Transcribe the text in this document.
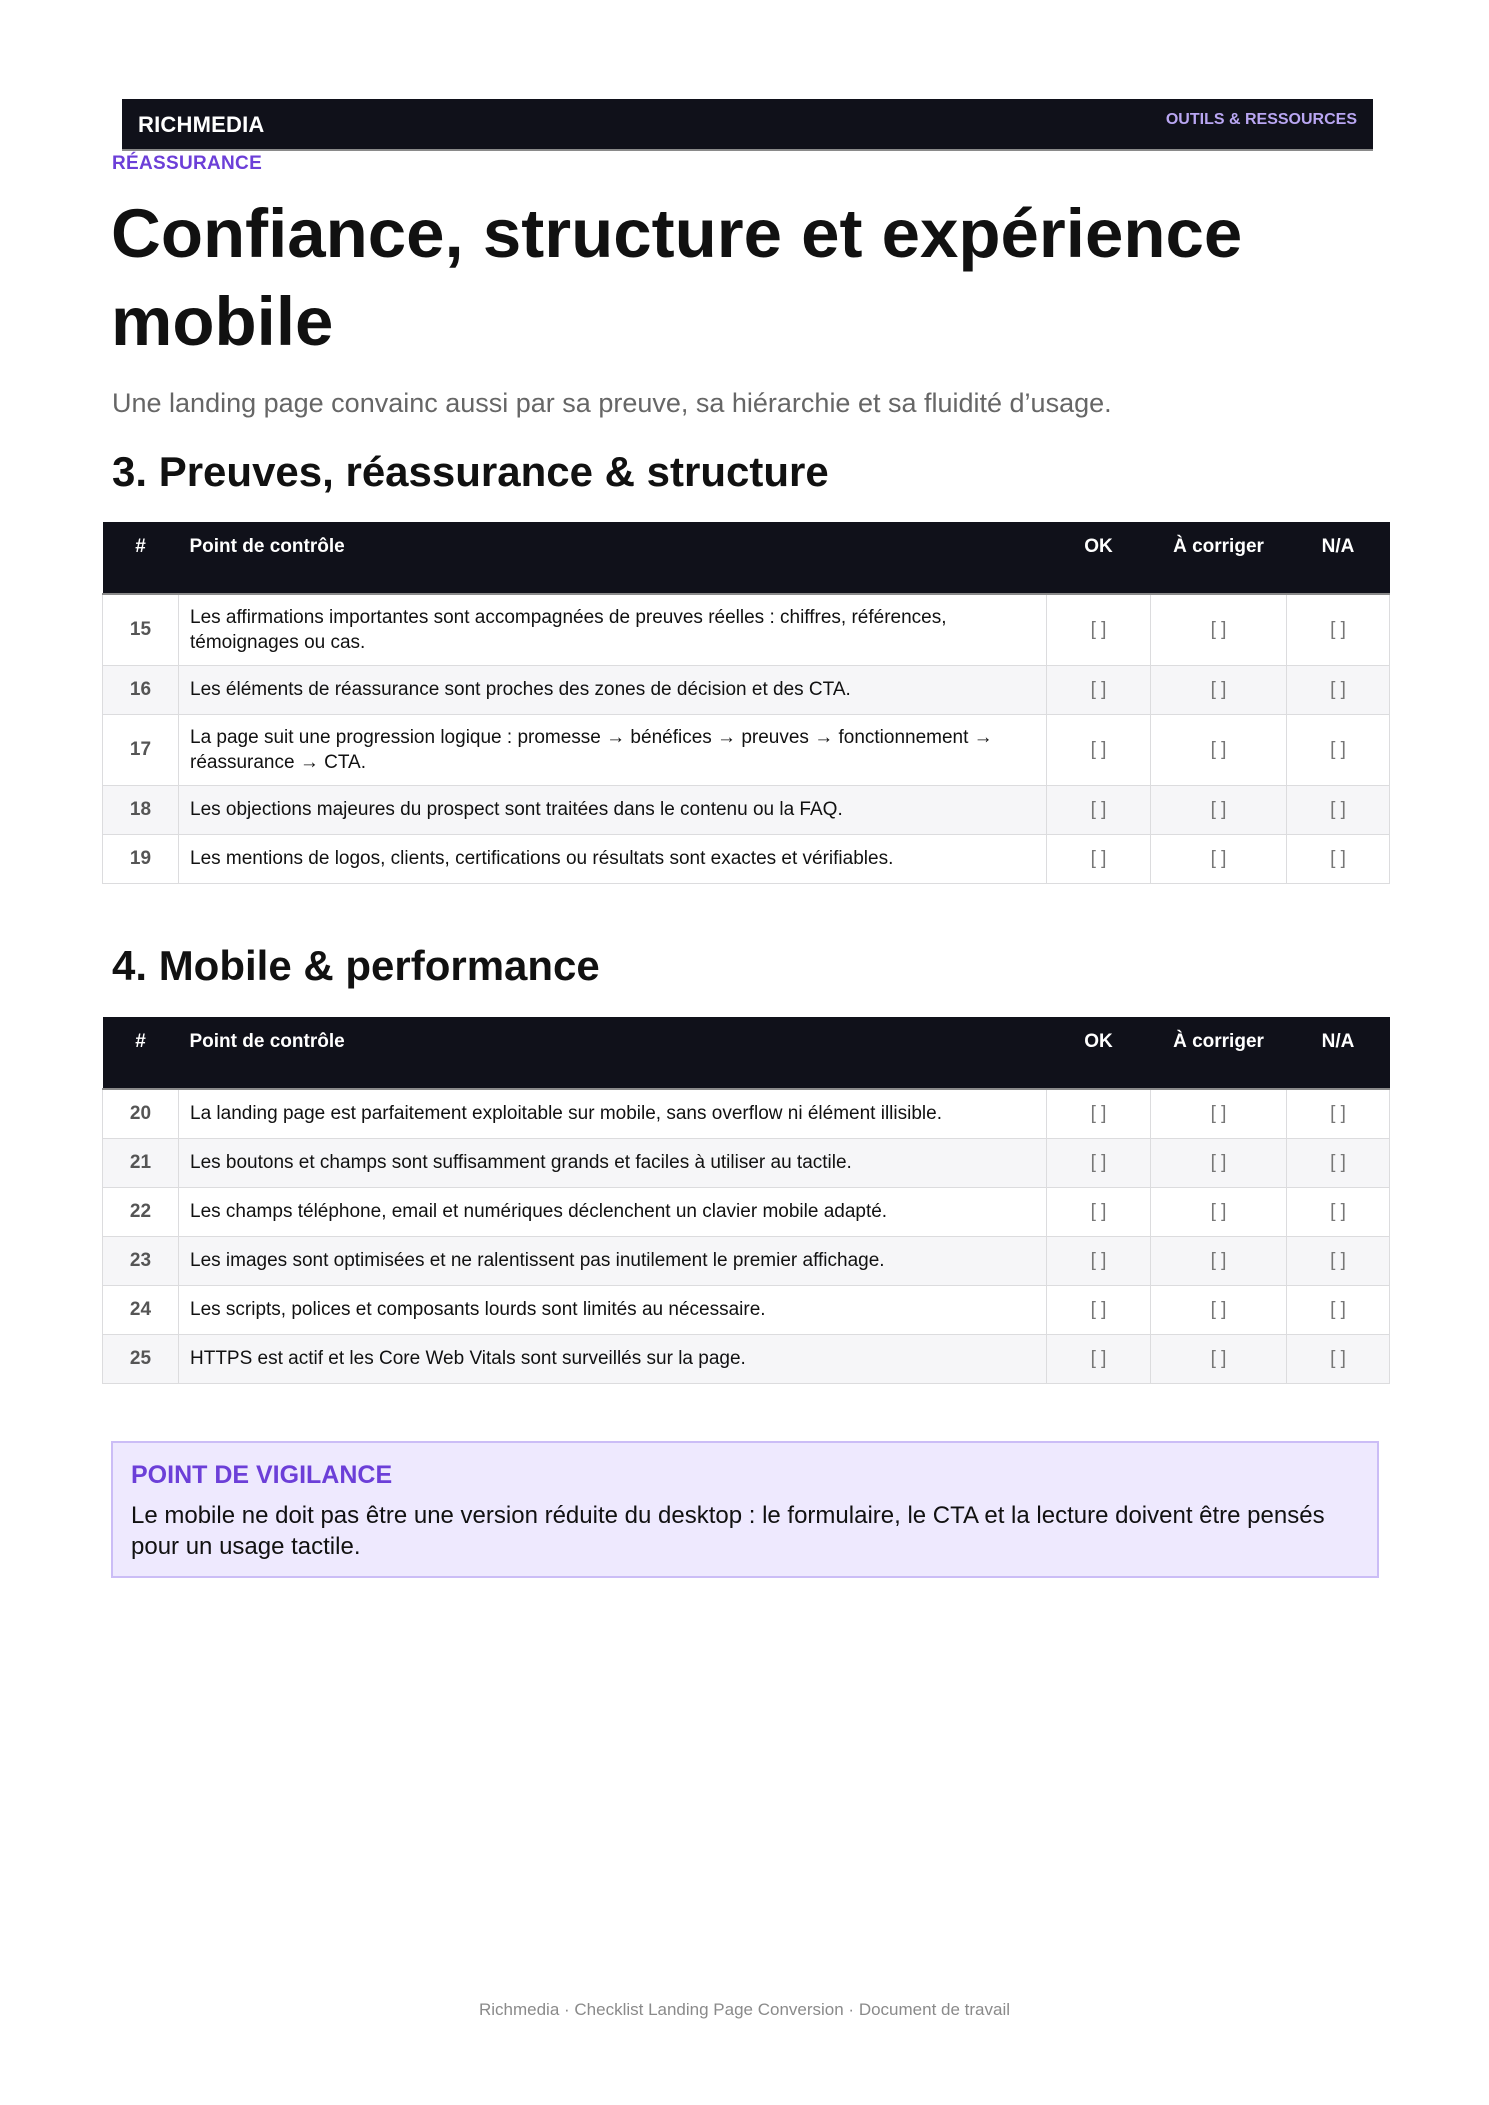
RICHMEDIA	OUTILS & RESSOURCES
RÉASSURANCE
Confiance, structure et expérience mobile
Une landing page convainc aussi par sa preuve, sa hiérarchie et sa fluidité d’usage.
3. Preuves, réassurance & structure
#	Point de contrôle	OK	À corriger	N/A
15	Les affirmations importantes sont accompagnées de preuves réelles : chiffres, références, témoignages ou cas.	[ ]	[ ]	[ ]
16	Les éléments de réassurance sont proches des zones de décision et des CTA.	[ ]	[ ]	[ ]
17	La page suit une progression logique : promesse → bénéfices → preuves → fonctionnement → réassurance → CTA.	[ ]	[ ]	[ ]
18	Les objections majeures du prospect sont traitées dans le contenu ou la FAQ.	[ ]	[ ]	[ ]
19	Les mentions de logos, clients, certifications ou résultats sont exactes et vérifiables.	[ ]	[ ]	[ ]
4. Mobile & performance
#	Point de contrôle	OK	À corriger	N/A
20	La landing page est parfaitement exploitable sur mobile, sans overflow ni élément illisible.	[ ]	[ ]	[ ]
21	Les boutons et champs sont suffisamment grands et faciles à utiliser au tactile.	[ ]	[ ]	[ ]
22	Les champs téléphone, email et numériques déclenchent un clavier mobile adapté.	[ ]	[ ]	[ ]
23	Les images sont optimisées et ne ralentissent pas inutilement le premier affichage.	[ ]	[ ]	[ ]
24	Les scripts, polices et composants lourds sont limités au nécessaire.	[ ]	[ ]	[ ]
25	HTTPS est actif et les Core Web Vitals sont surveillés sur la page.	[ ]	[ ]	[ ]
POINT DE VIGILANCE
Le mobile ne doit pas être une version réduite du desktop : le formulaire, le CTA et la lecture doivent être pensés pour un usage tactile.
Richmedia · Checklist Landing Page Conversion · Document de travail
